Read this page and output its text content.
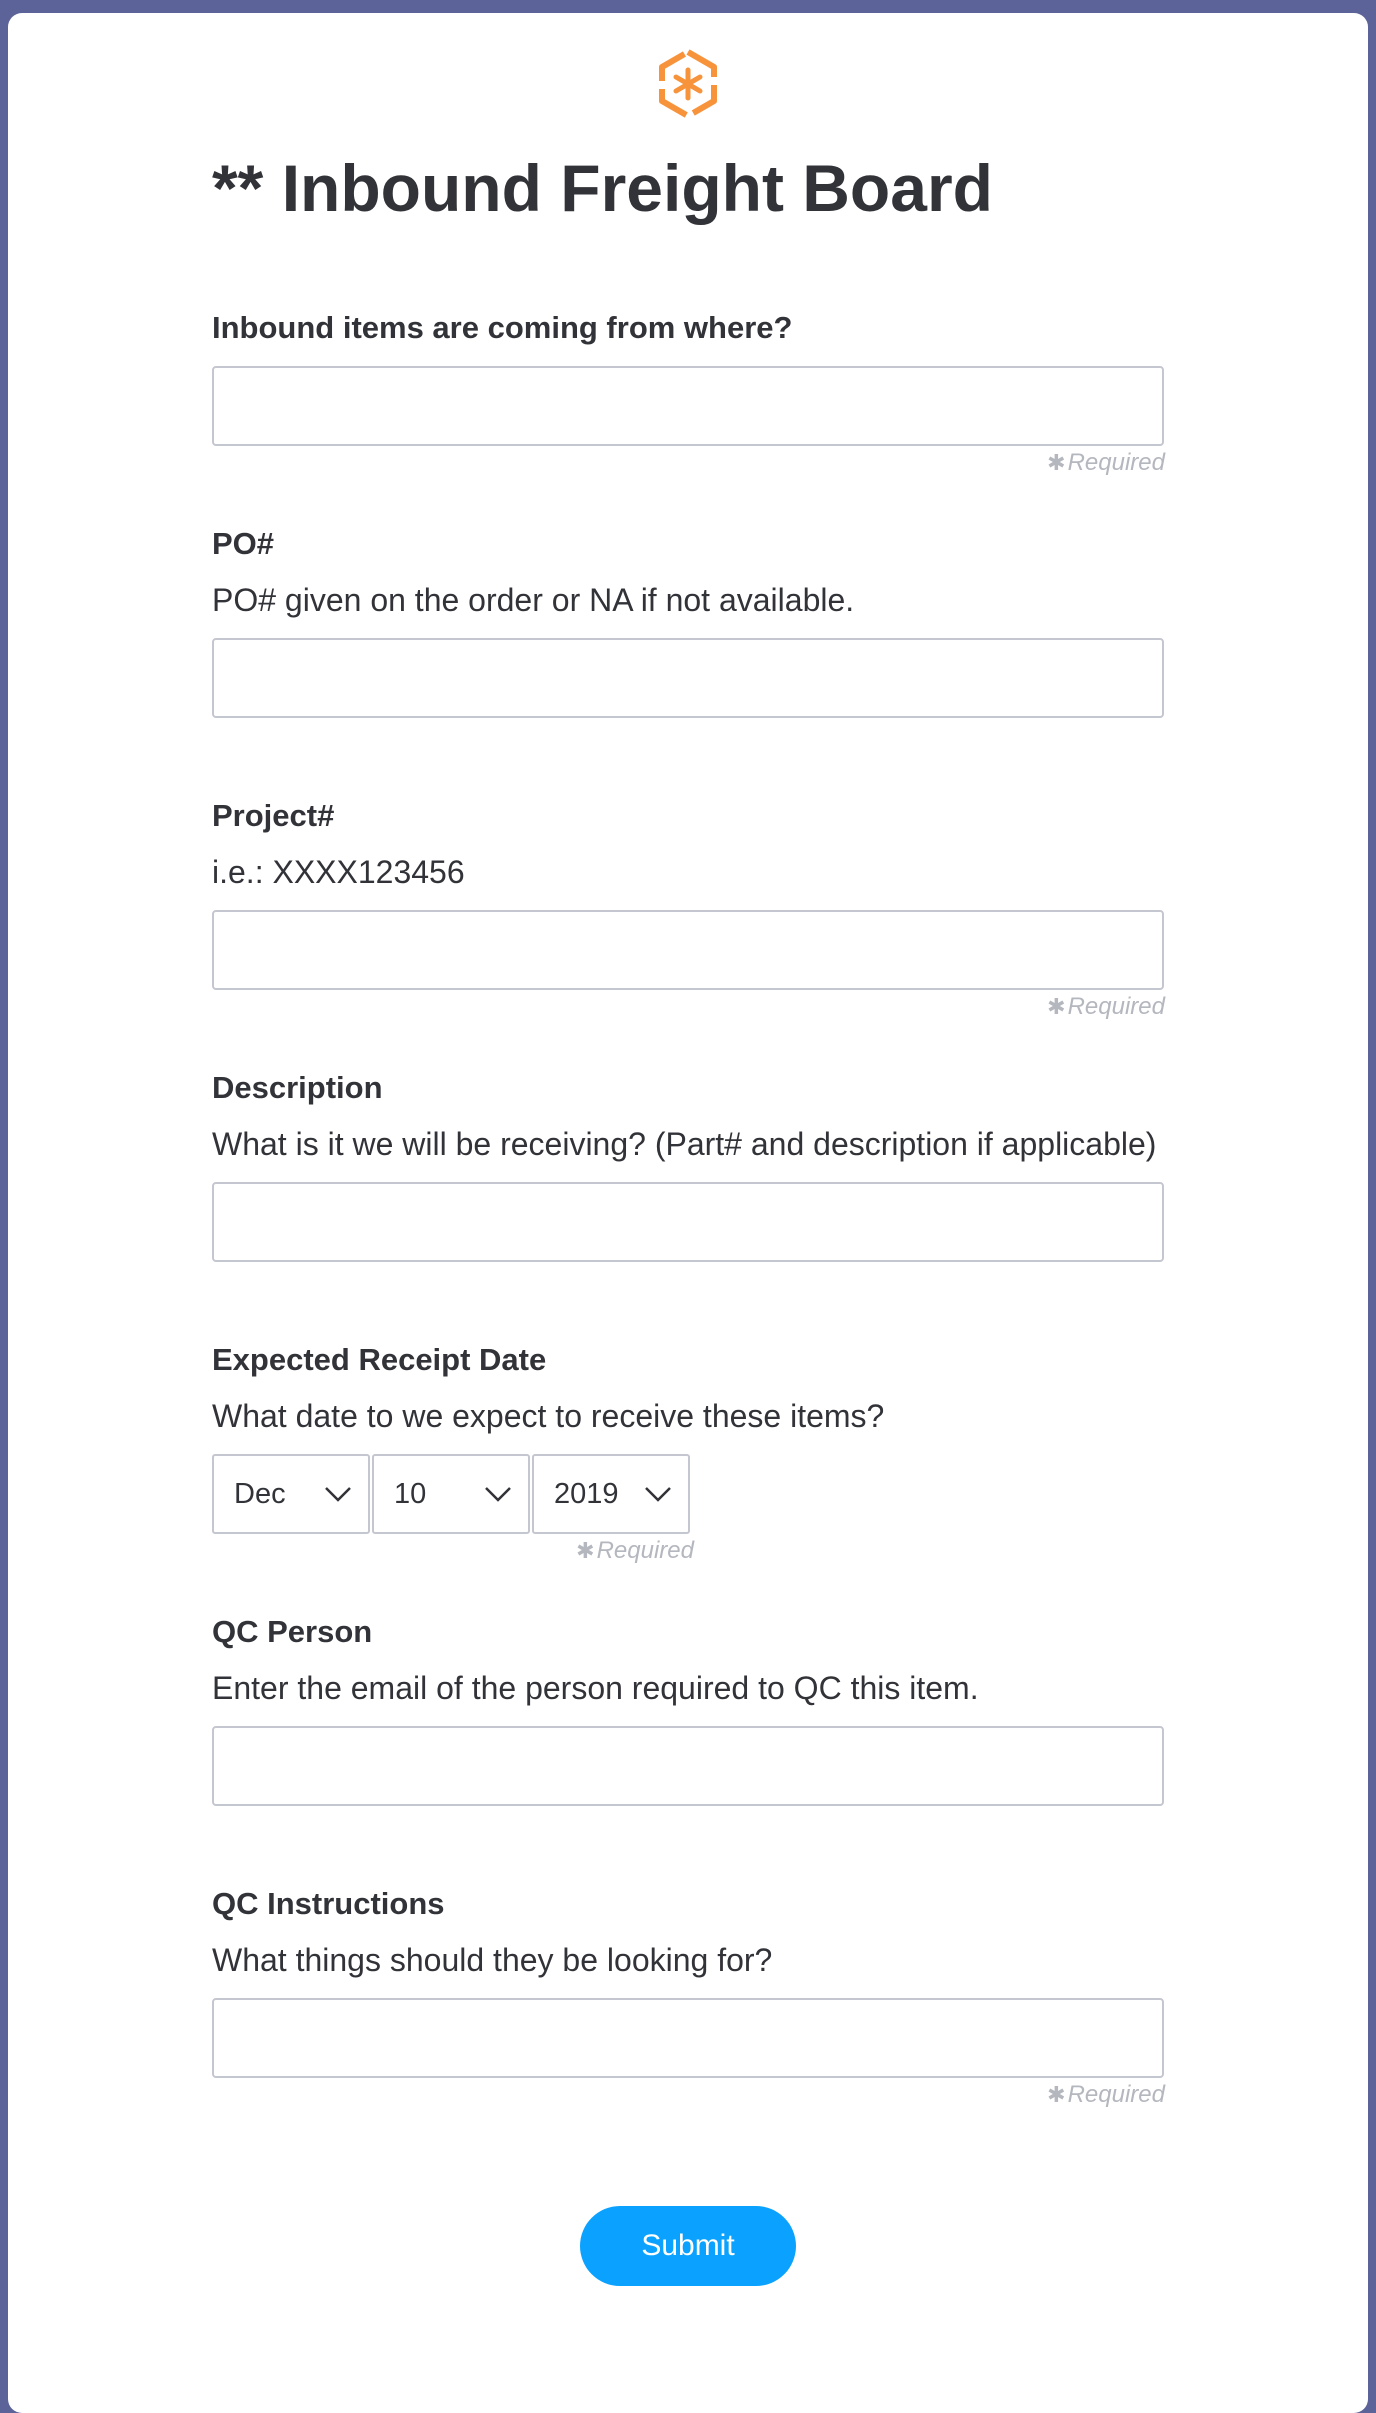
** Inbound Freight Board
Inbound items are coming from where?
✱Required
PO#
PO# given on the order or NA if not available.
Project#
i.e.: XXXX123456
✱Required
Description
What is it we will be receiving? (Part# and description if applicable)
Expected Receipt Date
What date to we expect to receive these items?
Dec	10	2019
✱Required
QC Person
Enter the email of the person required to QC this item.
QC Instructions
What things should they be looking for?
✱Required
Submit
